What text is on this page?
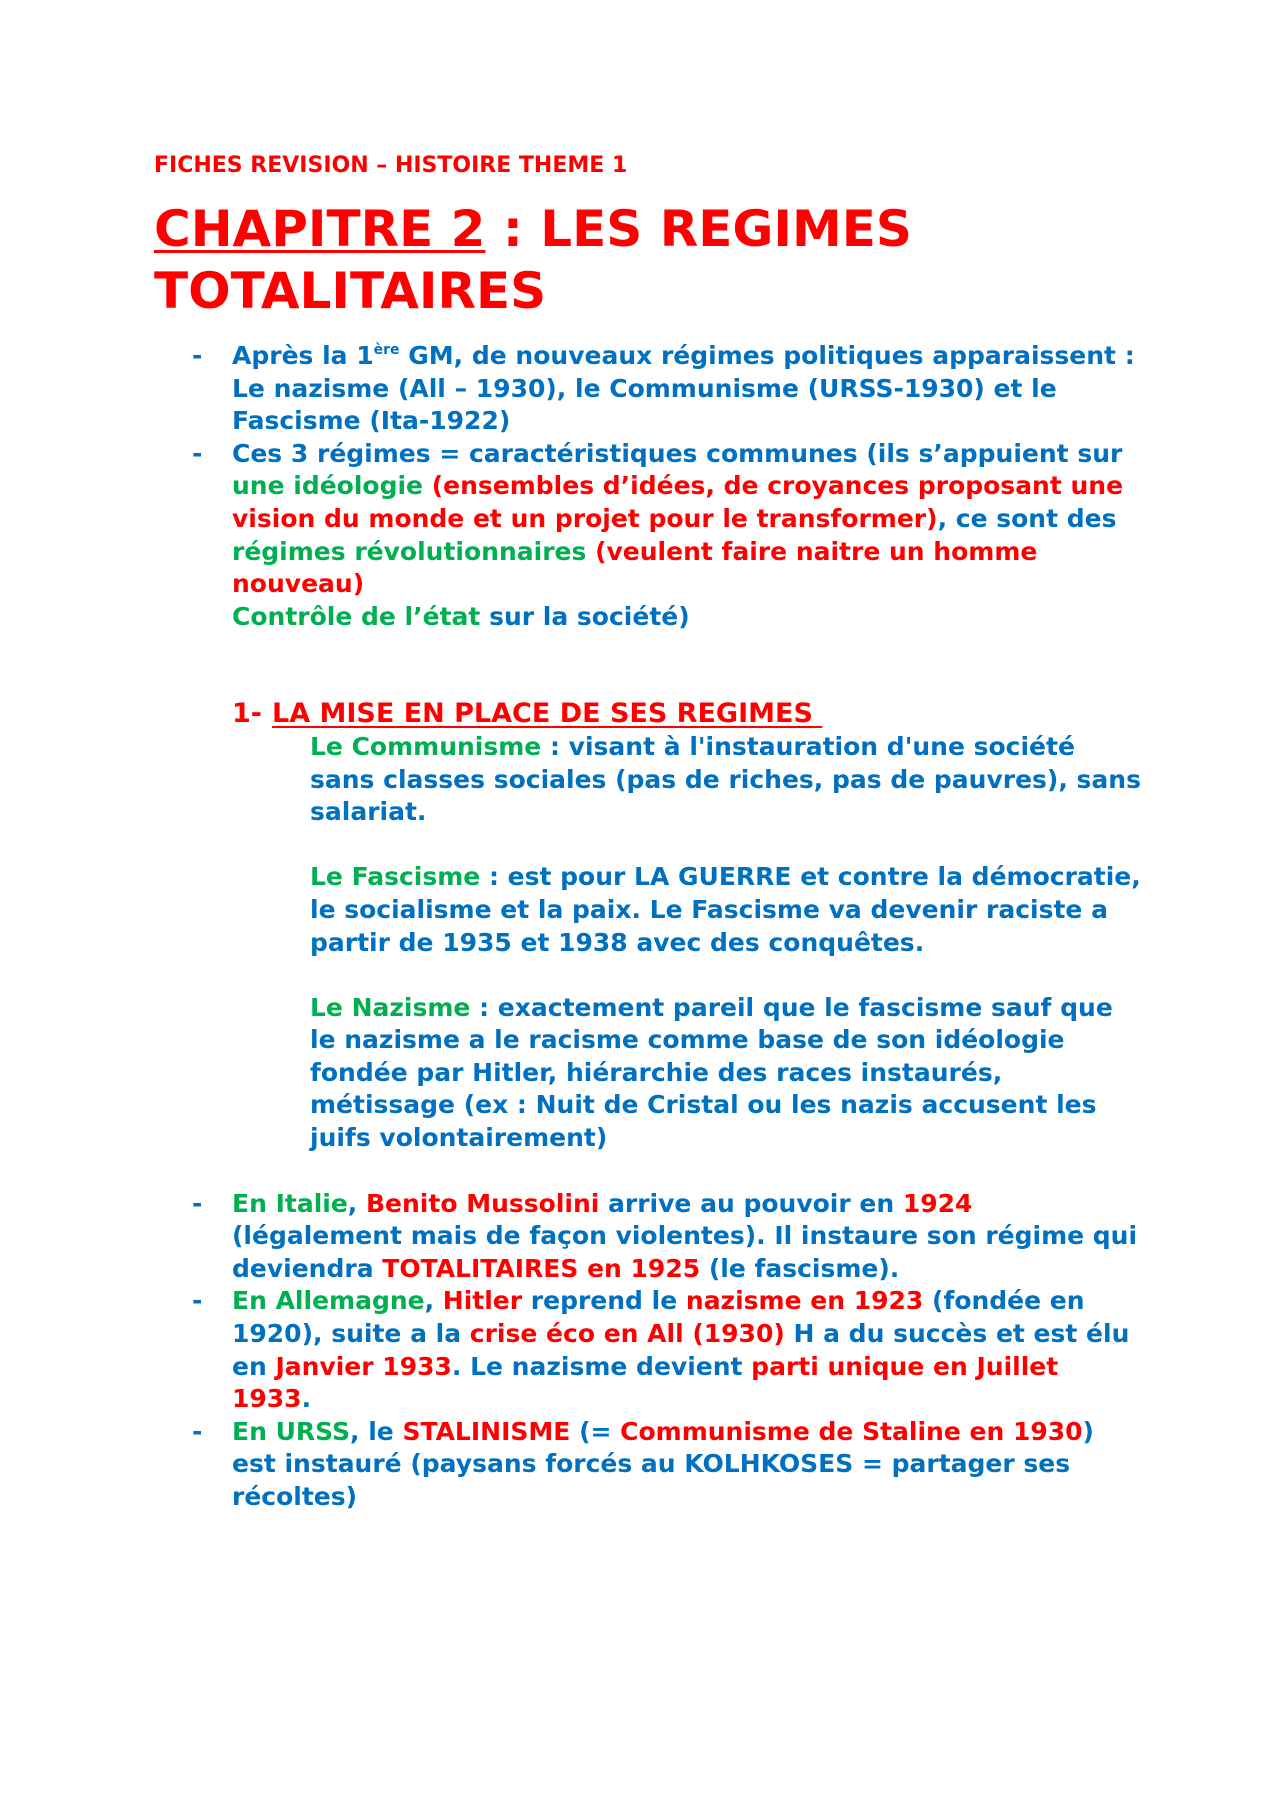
FICHES REVISION – HISTOIRE THEME 1
CHAPITRE 2 : LES REGIMES TOTALITAIRES
- Après la 1ère GM, de nouveaux régimes politiques apparaissent :
Le nazisme (All – 1930), le Communisme (URSS-1930) et le Fascisme (Ita-1922)
- Ces 3 régimes = caractéristiques communes (ils s’appuient sur une idéologie (ensembles d’idées, de croyances proposant une vision du monde et un projet pour le transformer), ce sont des régimes révolutionnaires (veulent faire naitre un homme nouveau)
Contrôle de l’état sur la société)
1- LA MISE EN PLACE DE SES REGIMES
Le Communisme : visant à l'instauration d'une société sans classes sociales (pas de riches, pas de pauvres), sans salariat.
Le Fascisme : est pour LA GUERRE et contre la démocratie, le socialisme et la paix. Le Fascisme va devenir raciste a partir de 1935 et 1938 avec des conquêtes.
Le Nazisme : exactement pareil que le fascisme sauf que le nazisme a le racisme comme base de son idéologie fondée par Hitler, hiérarchie des races instaurés, métissage (ex : Nuit de Cristal ou les nazis accusent les juifs volontairement)
- En Italie, Benito Mussolini arrive au pouvoir en 1924 (légalement mais de façon violentes). Il instaure son régime qui deviendra TOTALITAIRES en 1925 (le fascisme).
- En Allemagne, Hitler reprend le nazisme en 1923 (fondée en 1920), suite a la crise éco en All (1930) H a du succès et est élu en Janvier 1933. Le nazisme devient parti unique en Juillet 1933.
- En URSS, le STALINISME (= Communisme de Staline en 1930) est instauré (paysans forcés au KOLHKOSES = partager ses récoltes)
